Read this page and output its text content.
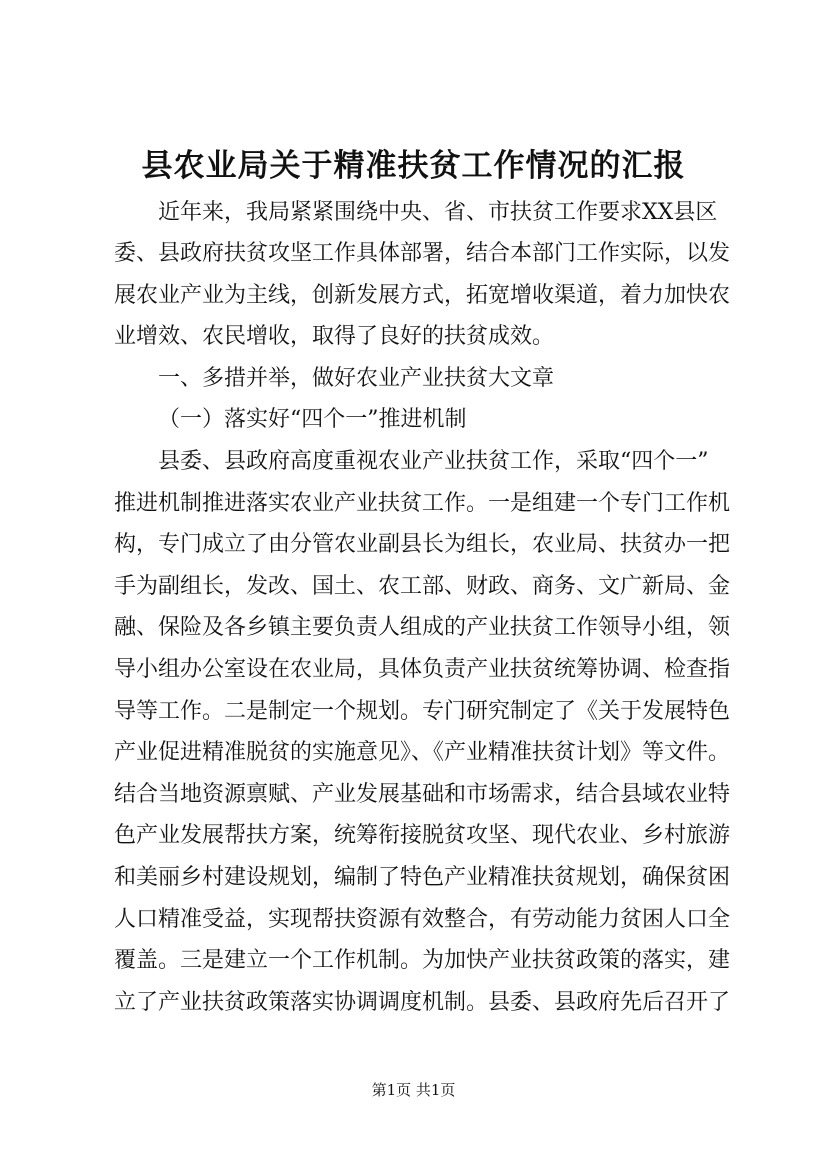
县农业局关于精准扶贫工作情况的汇报
近年来，我局紧紧围绕中央、省、市扶贫工作要求XX县区
委、县政府扶贫攻坚工作具体部署，结合本部门工作实际，以发
展农业产业为主线，创新发展方式，拓宽增收渠道，着力加快农
业增效、农民增收，取得了良好的扶贫成效。
一、多措并举，做好农业产业扶贫大文章
（一）落实好“四个一”推进机制
县委、县政府高度重视农业产业扶贫工作，采取“四个一”
推进机制推进落实农业产业扶贫工作。一是组建一个专门工作机
构，专门成立了由分管农业副县长为组长，农业局、扶贫办一把
手为副组长，发改、国土、农工部、财政、商务、文广新局、金
融、保险及各乡镇主要负责人组成的产业扶贫工作领导小组，领
导小组办公室设在农业局，具体负责产业扶贫统筹协调、检查指
导等工作。二是制定一个规划。专门研究制定了《关于发展特色
产业促进精准脱贫的实施意见》、《产业精准扶贫计划》等文件。
结合当地资源禀赋、产业发展基础和市场需求，结合县域农业特
色产业发展帮扶方案，统筹衔接脱贫攻坚、现代农业、乡村旅游
和美丽乡村建设规划，编制了特色产业精准扶贫规划，确保贫困
人口精准受益，实现帮扶资源有效整合，有劳动能力贫困人口全
覆盖。三是建立一个工作机制。为加快产业扶贫政策的落实，建
立了产业扶贫政策落实协调调度机制。县委、县政府先后召开了
第1页 共1页
